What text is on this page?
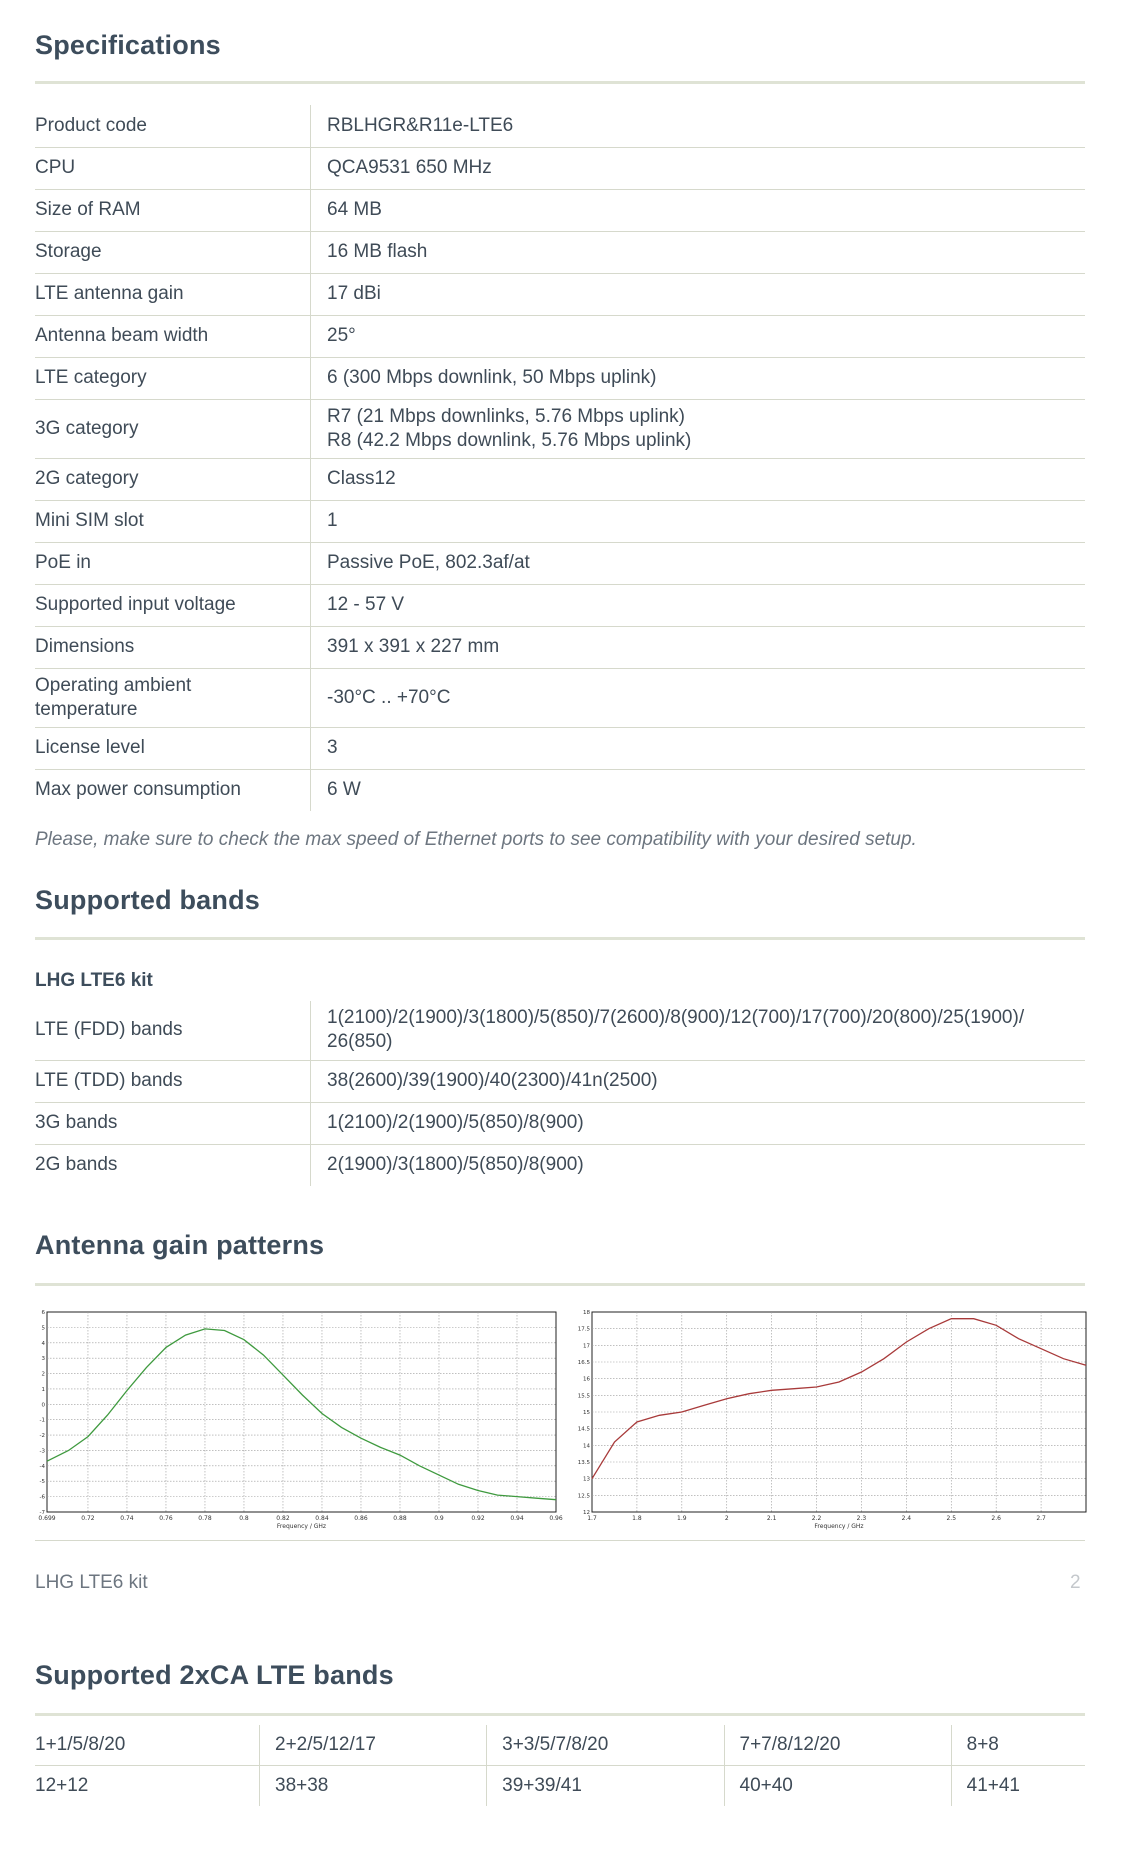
Specifications
Product code	RBLHGR&R11e-LTE6
CPU	QCA9531 650 MHz
Size of RAM	64 MB
Storage	16 MB flash
LTE antenna gain	17 dBi
Antenna beam width	25°
LTE category	6 (300 Mbps downlink, 50 Mbps uplink)
3G category	R7 (21 Mbps downlinks, 5.76 Mbps uplink)
R8 (42.2 Mbps downlink, 5.76 Mbps uplink)

2G category	Class12
Mini SIM slot	1
PoE in	Passive PoE, 802.3af/at
Supported input voltage	12 - 57 V
Dimensions	391 x 391 x 227 mm

Operating ambient
temperature	-30°C .. +70°C
License level	3
Max power consumption	6 W

Please, make sure to check the max speed of Ethernet ports to see compatibility with your desired setup.

Supported bands
LHG LTE6 kit
LTE (FDD) bands	1(2100)/2(1900)/3(1800)/5(850)/7(2600)/8(900)/12(700)/17(700)/20(800)/25(1900)/
26(850)

LTE (TDD) bands	38(2600)/39(1900)/40(2300)/41n(2500)
3G bands	1(2100)/2(1900)/5(850)/8(900)
2G bands	2(1900)/3(1800)/5(850)/8(900)
Antenna gain patterns
0.699	0.72	0.74	0.76	0.78	0.8	0.82	0.84	0.86	0.88	0.9	0.92	0.94	0.96
6
5
4
3
2
1
0
-1
-2
-3
-4
-5
-6
-7
Frequency / GHz
1.7	1.8	1.9	2	2.1	2.2	2.3	2.4	2.5	2.6	2.7
18
17.5
17
16.5
16
15.5
15
14.5
14
13.5
13
12.5
12
Frequency / GHz
LHG LTE6 kit	2
Supported 2xCA LTE bands
1+1/5/8/20	2+2/5/12/17	3+3/5/7/8/20	7+7/8/12/20	8+8
12+12	38+38	39+39/41	40+40	41+41
